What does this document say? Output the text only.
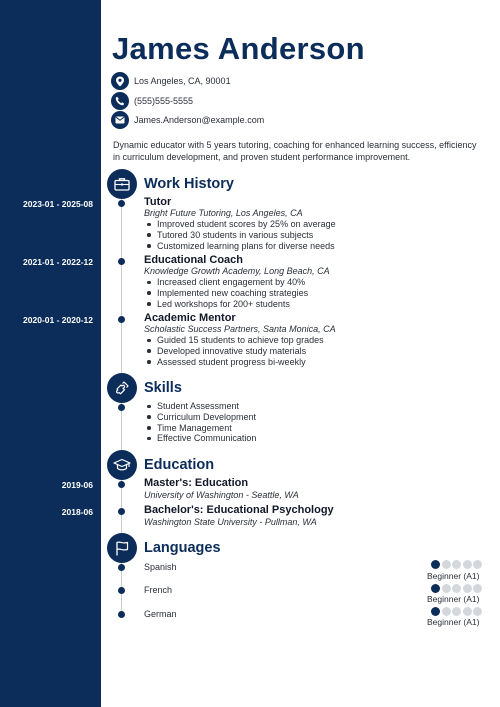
James Anderson
Los Angeles, CA, 90001
(555)555-5555
James.Anderson@example.com
Dynamic educator with 5 years tutoring, coaching for enhanced learning success, efficiency in curriculum development, and proven student performance improvement.
Work History
2023-01 - 2025-08	Tutor
Bright Future Tutoring, Los Angeles, CA
Improved student scores by 25% on average
Tutored 30 students in various subjects
Customized learning plans for diverse needs
2021-01 - 2022-12	Educational Coach
Knowledge Growth Academy, Long Beach, CA
Increased client engagement by 40%
Implemented new coaching strategies
Led workshops for 200+ students
2020-01 - 2020-12	Academic Mentor
Scholastic Success Partners, Santa Monica, CA
Guided 15 students to achieve top grades
Developed innovative study materials
Assessed student progress bi-weekly
Skills
Student Assessment
Curriculum Development
Time Management
Effective Communication
Education
2019-06	Master's: Education
University of Washington - Seattle, WA
2018-06	Bachelor's: Educational Psychology
Washington State University - Pullman, WA
Languages
Spanish
Beginner (A1)
French
Beginner (A1)
German
Beginner (A1)
